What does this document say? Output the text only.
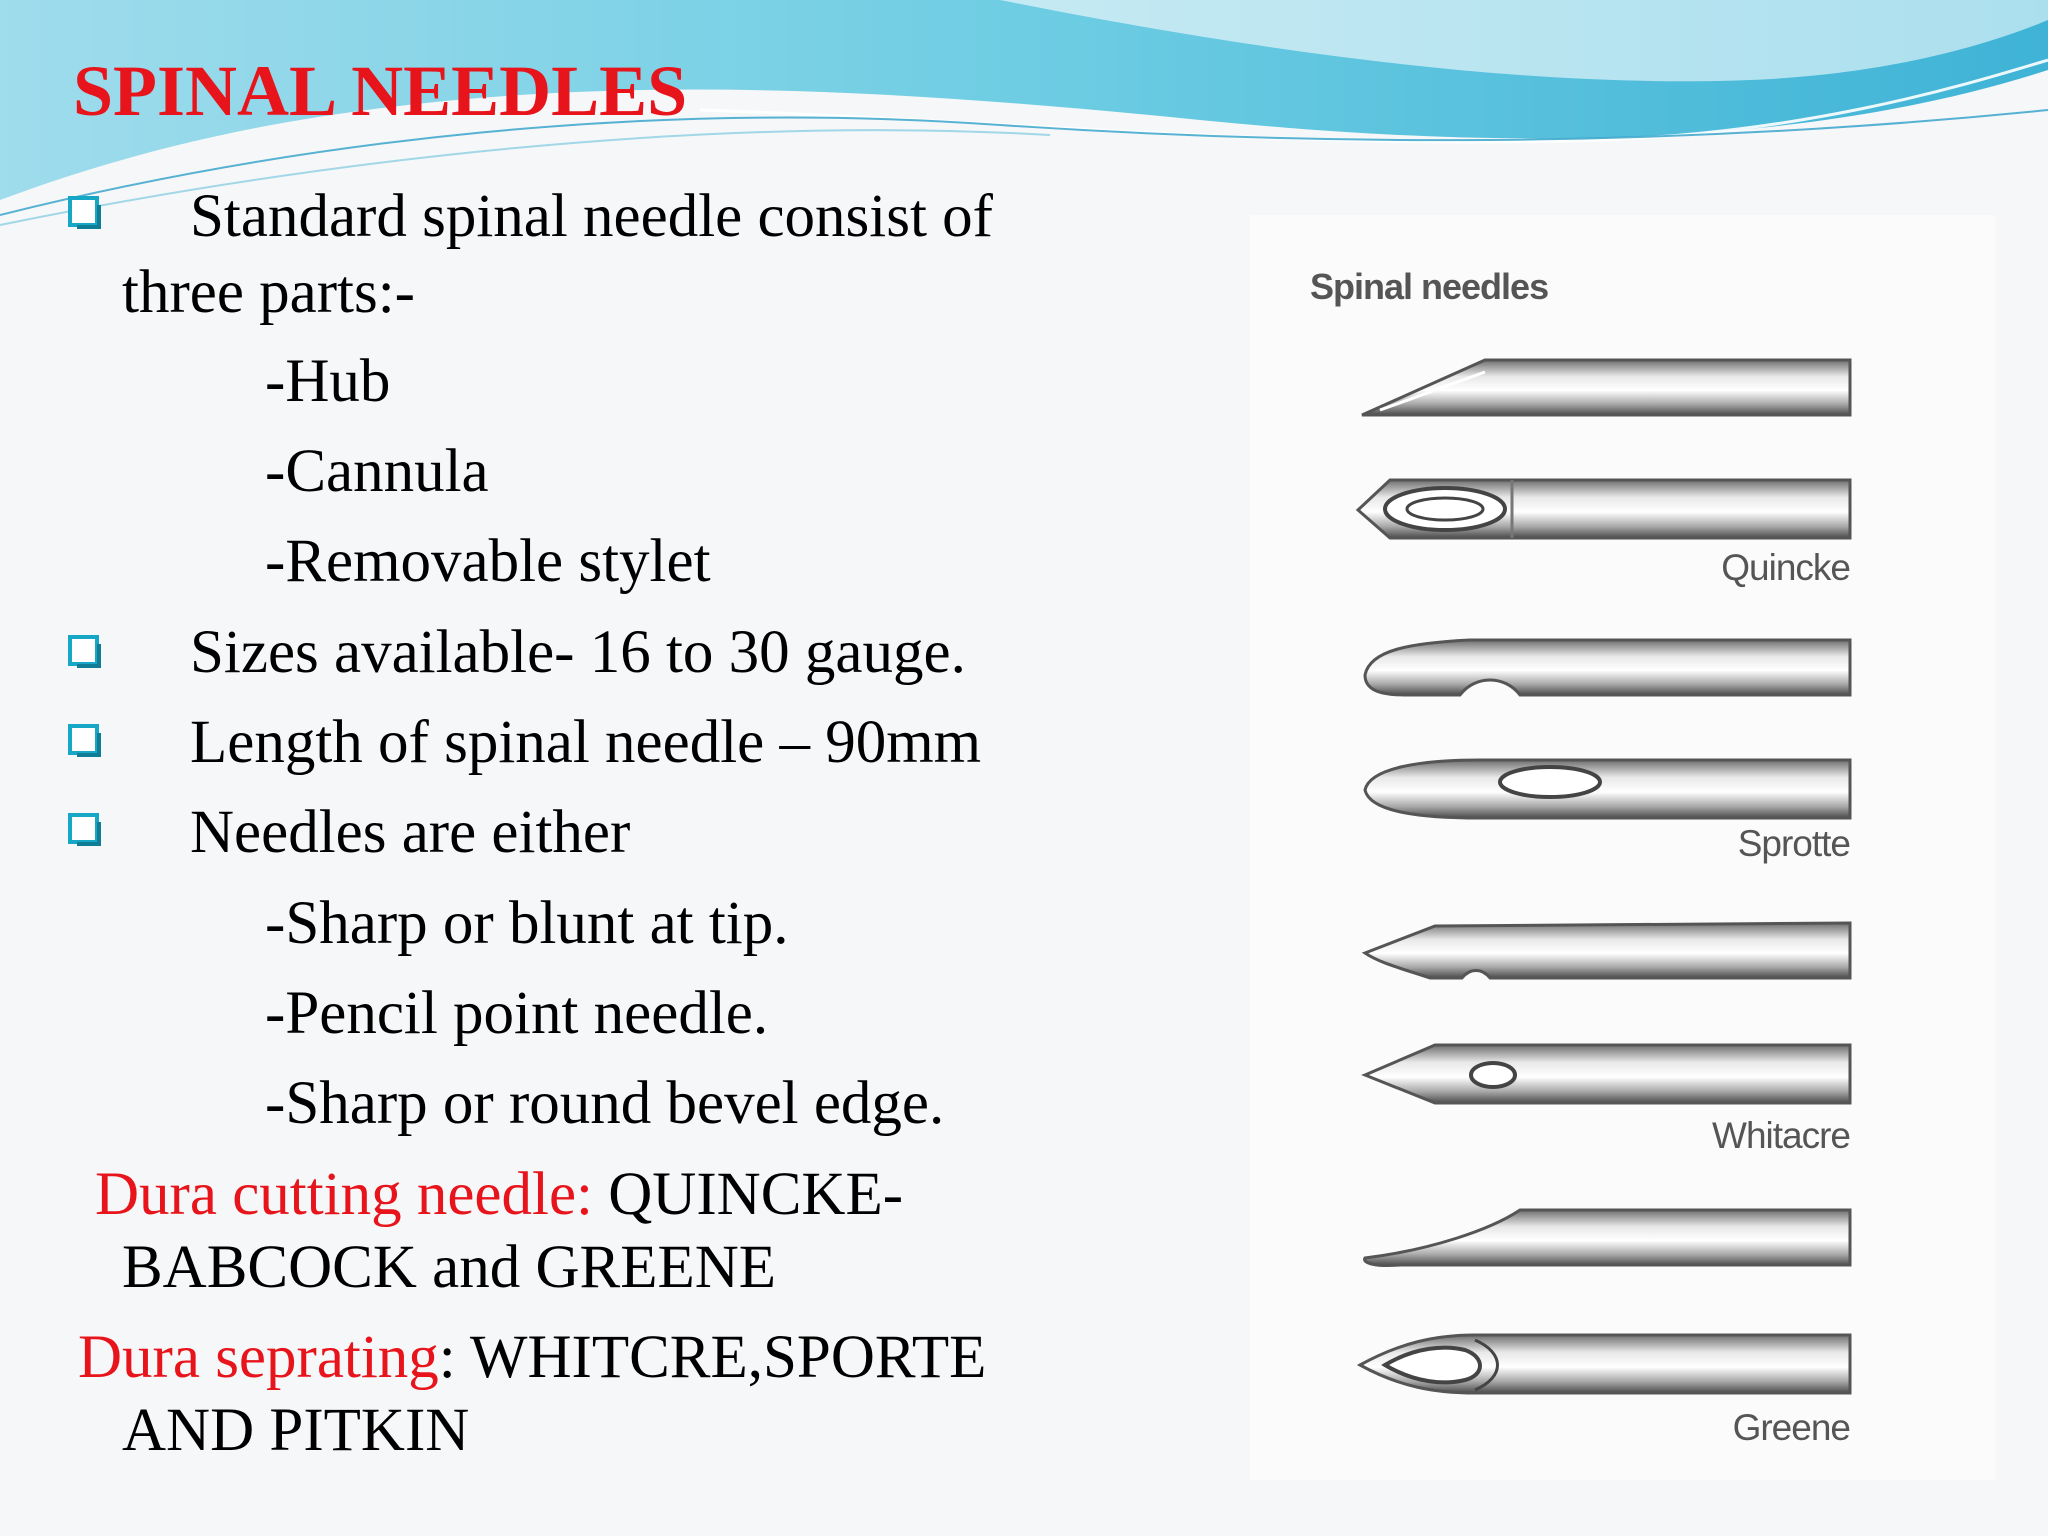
SPINAL NEEDLES
Standard spinal needle consist of
three parts:-
-Hub
-Cannula
-Removable stylet
Sizes available- 16 to 30 gauge.
Length of spinal needle – 90mm
Needles are either
-Sharp or blunt at tip.
-Pencil point needle.
-Sharp or round bevel edge.
Dura cutting needle: QUINCKE-
BABCOCK and GREENE
Dura seprating: WHITCRE,SPORTE
AND PITKIN
Spinal needles
Quincke
Sprotte
Whitacre
Greene
